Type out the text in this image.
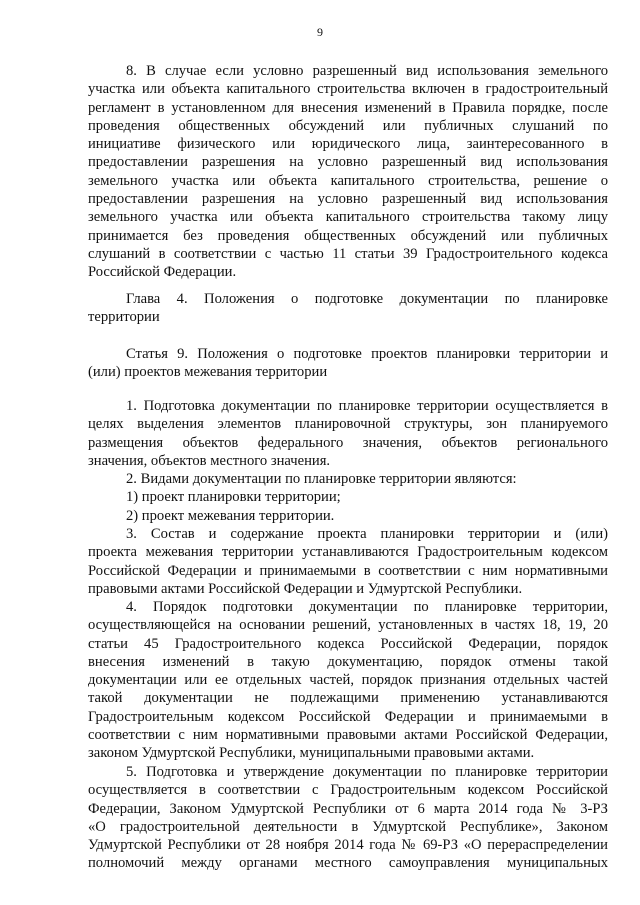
9
8. В случае если условно разрешенный вид использования земельного
участка или объекта капитального строительства включен в градостроительный
регламент в установленном для внесения изменений в Правила порядке, после
проведения общественных обсуждений или публичных слушаний по
инициативе физического или юридического лица, заинтересованного в
предоставлении разрешения на условно разрешенный вид использования
земельного участка или объекта капитального строительства, решение о
предоставлении разрешения на условно разрешенный вид использования
земельного участка или объекта капитального строительства такому лицу
принимается без проведения общественных обсуждений или публичных
слушаний в соответствии с частью 11 статьи 39 Градостроительного кодекса
Российской Федерации.
Глава 4. Положения о подготовке документации по планировке
территории
Статья 9. Положения о подготовке проектов планировки территории и
(или) проектов межевания территории
1. Подготовка документации по планировке территории осуществляется в
целях выделения элементов планировочной структуры, зон планируемого
размещения объектов федерального значения, объектов регионального
значения, объектов местного значения.
2. Видами документации по планировке территории являются:
1) проект планировки территории;
2) проект межевания территории.
3. Состав и содержание проекта планировки территории и (или)
проекта межевания территории устанавливаются Градостроительным кодексом
Российской Федерации и принимаемыми в соответствии с ним нормативными
правовыми актами Российской Федерации и Удмуртской Республики.
4. Порядок подготовки документации по планировке территории,
осуществляющейся на основании решений, установленных в частях 18, 19, 20
статьи 45 Градостроительного кодекса Российской Федерации, порядок
внесения изменений в такую документацию, порядок отмены такой
документации или ее отдельных частей, порядок признания отдельных частей
такой документации не подлежащими применению устанавливаются
Градостроительным кодексом Российской Федерации и принимаемыми в
соответствии с ним нормативными правовыми актами Российской Федерации,
законом Удмуртской Республики, муниципальными правовыми актами.
5. Подготовка и утверждение документации по планировке территории
осуществляется в соответствии с Градостроительным кодексом Российской
Федерации, Законом Удмуртской Республики от 6 марта 2014 года № 3-РЗ
«О градостроительной деятельности в Удмуртской Республике», Законом
Удмуртской Республики от 28 ноября 2014 года № 69-РЗ «О перераспределении
полномочий между органами местного самоуправления муниципальных
